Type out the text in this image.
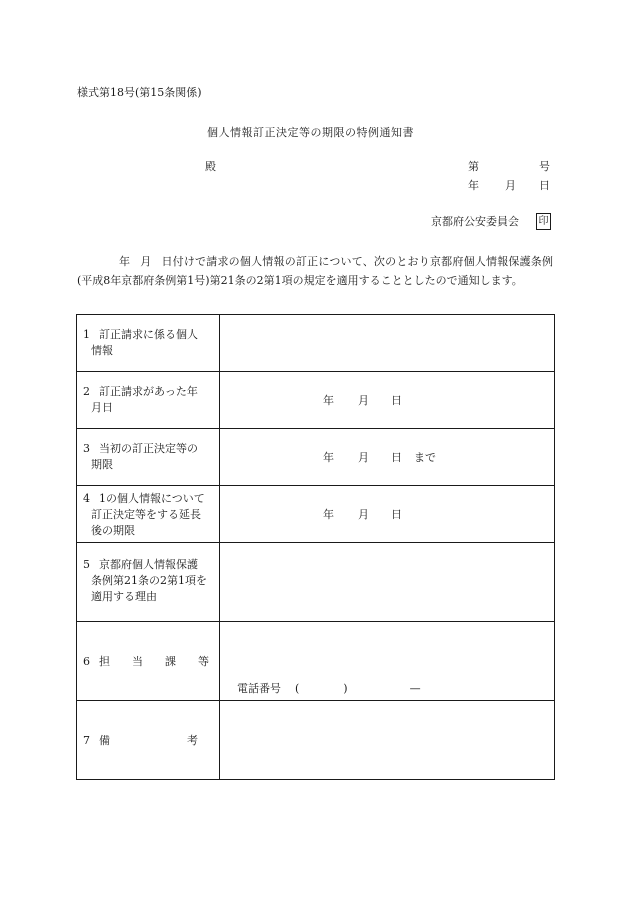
様式第18号(第15条関係)
個人情報訂正決定等の期限の特例通知書
殿	第	号
年 月 日
京都府公安委員会 印
年 月 日付けで請求の個人情報の訂正について、次のとおり京都府個人情報保護条例(平成8年京都府条例第1号)第21条の2第1項の規定を適用することとしたので通知します。
1 訂正請求に係る個人
情報	

2 訂正請求があった年
月日	年 月 日

3 当初の訂正決定等の
期限	年 月 日 まで

4 1の個人情報について
訂正決定等をする延長
後の期限	年 月 日

5 京都府個人情報保護
条例第21条の2第1項を
適用する理由	

6 担　　当　　課　　等	電話番号 ( ) —

7 備　　　　　　　考	
